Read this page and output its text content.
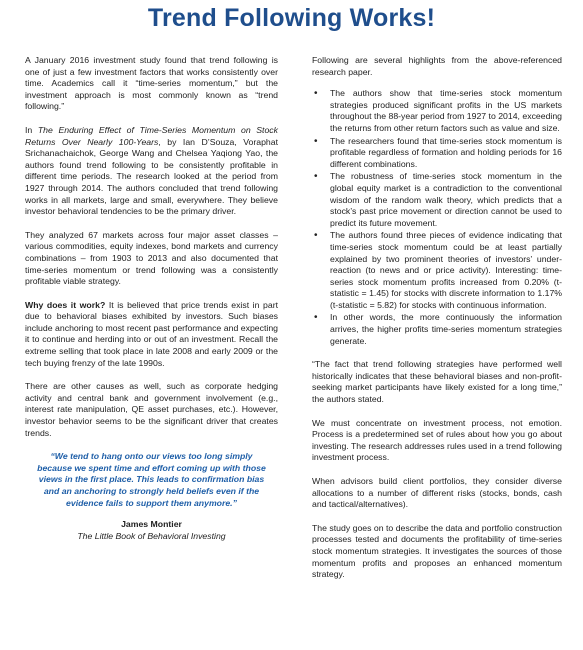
Trend Following Works!

A January 2016 investment study found that trend following is one of just a few investment factors that works consistently over time. Academics call it “time-series momentum,” but the investment approach is most commonly known as “trend following.”

In The Enduring Effect of Time-Series Momentum on Stock Returns Over Nearly 100-Years, by Ian D’Souza, Voraphat Srichanachaichok, George Wang and Chelsea Yaqiong Yao, the authors found trend following to be consistently profitable in different time periods. The research looked at the period from 1927 through 2014. The authors concluded that trend following works in all markets, large and small, everywhere. They believe investor behavioral tendencies to be the primary driver.

They analyzed 67 markets across four major asset classes – various commodities, equity indexes, bond markets and currency combinations – from 1903 to 2013 and also documented that time-series momentum or trend following was a consistently profitable viable strategy.

Why does it work? It is believed that price trends exist in part due to behavioral biases exhibited by investors. Such biases include anchoring to most recent past performance and expecting it to continue and herding into or out of an investment. Recall the extreme selling that took place in late 2008 and early 2009 or the tech buying frenzy of the late 1990s.

There are other causes as well, such as corporate hedging activity and central bank and government involvement (e.g., interest rate manipulation, QE asset purchases, etc.). However, investor behavior seems to be the significant driver that creates trends.

“We tend to hang onto our views too long simply because we spent time and effort coming up with those views in the first place. This leads to confirmation bias and an anchoring to strongly held beliefs even if the evidence fails to support them anymore.”

James Montier

The Little Book of Behavioral Investing

Following are several highlights from the above-referenced research paper.

• The authors show that time-series stock momentum strategies produced significant profits in the US markets throughout the 88-year period from 1927 to 2014, exceeding the returns from other return factors such as value and size.
• The researchers found that time-series stock momentum is profitable regardless of formation and holding periods for 16 different combinations.
• The robustness of time-series stock momentum in the global equity market is a contradiction to the conventional wisdom of the random walk theory, which predicts that a stock’s past price movement or direction cannot be used to predict its future movement.
• The authors found three pieces of evidence indicating that time-series stock momentum could be at least partially explained by two prominent theories of investors’ under-reaction (to news and or price activity). Interesting: time-series stock momentum profits increased from 0.20% (t-statistic = 1.45) for stocks with discrete information to 1.17% (t-statistic = 5.82) for stocks with continuous information.
• In other words, the more continuously the information arrives, the higher profits time-series momentum strategies generate.

“The fact that trend following strategies have performed well historically indicates that these behavioral biases and non-profit-seeking market participants have likely existed for a long time,” the authors stated.

We must concentrate on investment process, not emotion. Process is a predetermined set of rules about how you go about investing. The research addresses rules used in a trend following investment process.

When advisors build client portfolios, they consider diverse allocations to a number of different risks (stocks, bonds, cash and tactical/alternatives).

The study goes on to describe the data and portfolio construction processes tested and documents the profitability of time-series stock momentum strategies. It investigates the sources of those momentum profits and proposes an enhanced momentum strategy.
